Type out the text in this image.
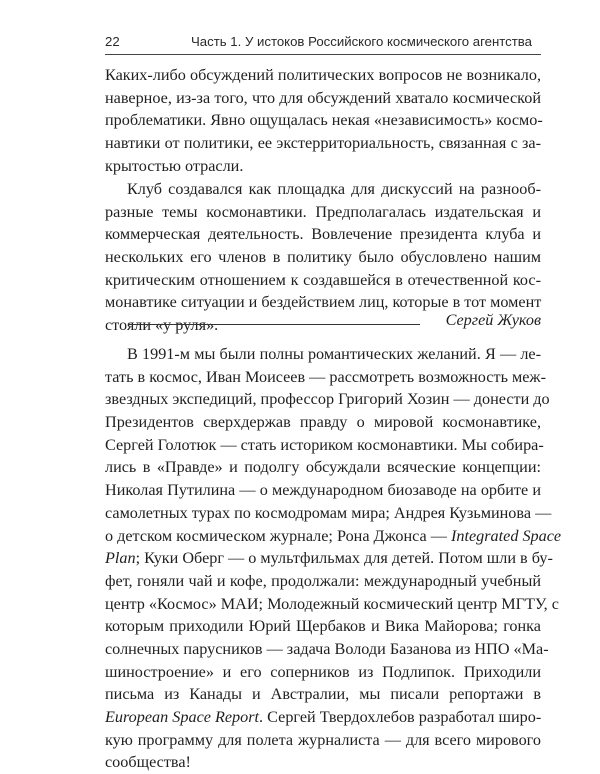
22	Часть 1. У истоков Российского космического агентства
Каких-либо обсуждений политических вопросов не возникало,
наверное, из-за того, что для обсуждений хватало космической
проблематики. Явно ощущалась некая «независимость» космо-
навтики от политики, ее экстерриториальность, связанная с за-
крытостью отрасли.
Клуб создавался как площадка для дискуссий на разнооб-
разные темы космонавтики. Предполагалась издательская и
коммерческая деятельность. Вовлечение президента клуба и
нескольких его членов в политику было обусловлено нашим
критическим отношением к создавшейся в отечественной кос-
монавтике ситуации и бездействием лиц, которые в тот момент
стояли «у руля».	Сергей Жуков
В 1991-м мы были полны романтических желаний. Я — ле-
тать в космос, Иван Моисеев — рассмотреть возможность меж-
звездных экспедиций, профессор Григорий Хозин — донести до
Президентов сверхдержав правду о мировой космонавтике,
Сергей Голотюк — стать историком космонавтики. Мы собира-
лись в «Правде» и подолгу обсуждали всяческие концепции:
Николая Путилина — о международном биозаводе на орбите и
самолетных турах по космодромам мира; Андрея Кузьминова —
о детском космическом журнале; Рона Джонса — Integrated Space
Plan; Куки Оберг — о мультфильмах для детей. Потом шли в бу-
фет, гоняли чай и кофе, продолжали: международный учебный
центр «Космос» МАИ; Молодежный космический центр МГТУ, с
которым приходили Юрий Щербаков и Вика Майорова; гонка
солнечных парусников — задача Володи Базанова из НПО «Ма-
шиностроение» и его соперников из Подлипок. Приходили
письма из Канады и Австралии, мы писали репортажи в
European Space Report. Сергей Твердохлебов разработал широ-
кую программу для полета журналиста — для всего мирового
сообщества!
